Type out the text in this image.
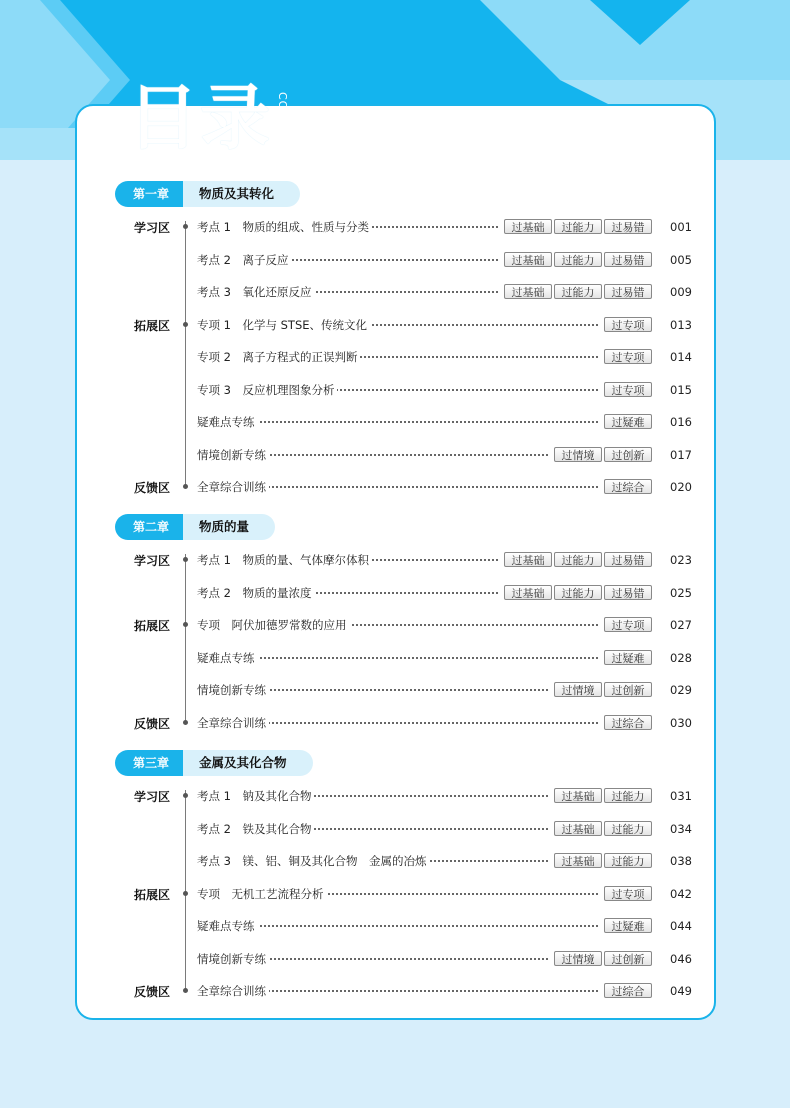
目录 CONTENTS
第一章	物质及其转化
学习区
拓展区
反馈区
考点 1　物质的组成、性质与分类	过基础	过能力	过易错	001
考点 2　离子反应	过基础	过能力	过易错	005
考点 3　氧化还原反应	过基础	过能力	过易错	009
专项 1　化学与 STSE、传统文化	过专项	013
专项 2　离子方程式的正误判断	过专项	014
专项 3　反应机理图象分析	过专项	015
疑难点专练	过疑难	016
情境创新专练	过情境	过创新	017
全章综合训练	过综合	020
第二章	物质的量
学习区
拓展区
反馈区
考点 1　物质的量、气体摩尔体积	过基础	过能力	过易错	023
考点 2　物质的量浓度	过基础	过能力	过易错	025
专项　阿伏加德罗常数的应用	过专项	027
疑难点专练	过疑难	028
情境创新专练	过情境	过创新	029
全章综合训练	过综合	030
第三章	金属及其化合物
学习区
拓展区
反馈区
考点 1　钠及其化合物	过基础	过能力	031
考点 2　铁及其化合物	过基础	过能力	034
考点 3　镁、铝、铜及其化合物　金属的冶炼	过基础	过能力	038
专项　无机工艺流程分析	过专项	042
疑难点专练	过疑难	044
情境创新专练	过情境	过创新	046
全章综合训练	过综合	049
